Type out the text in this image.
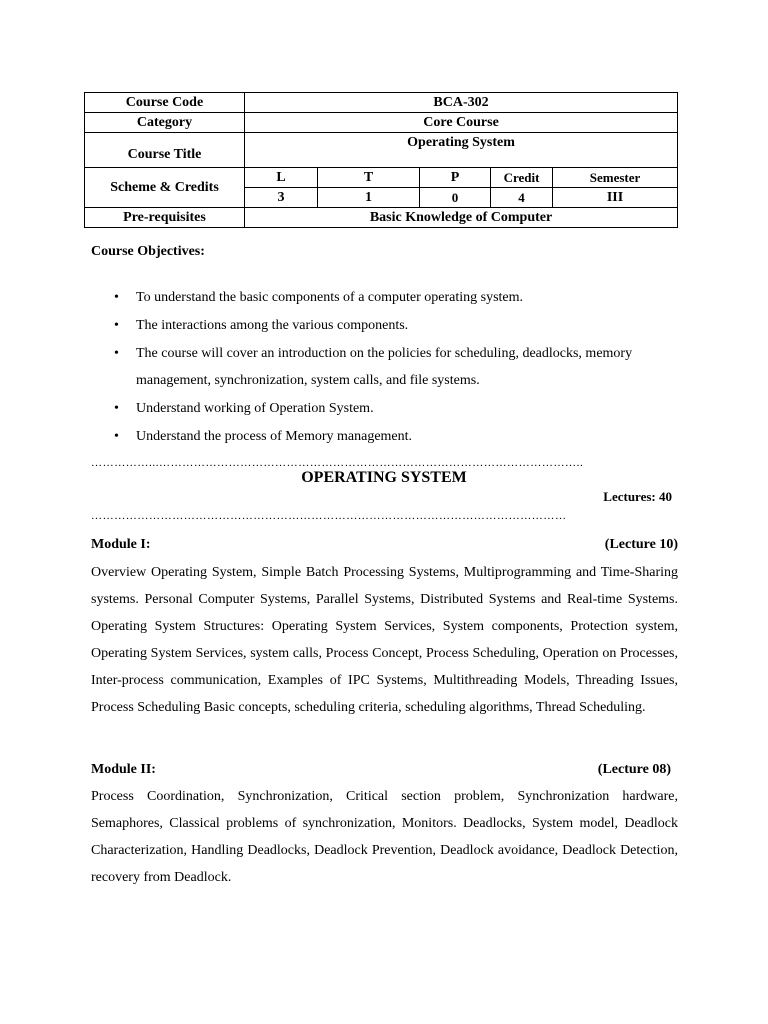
Course Code	BCA-302				
Category	Core Course				
Course Title	Operating System				
Scheme & Credits	L	T	P	Credit	Semester
	3	1	0	4	III
Pre-requisites	Basic Knowledge of Computer				
Course Objectives:
• To understand the basic components of a computer operating system.
• The interactions among the various components.
• The course will cover an introduction on the policies for scheduling, deadlocks, memory management, synchronization, system calls, and file systems.
• Understand working of Operation System.
• Understand the process of Memory management.
……………...………………………………………………………………………………………………..
OPERATING SYSTEM
Lectures: 40
……………………………………………………………………………………………………………
Module I:	(Lecture 10)

Overview Operating System, Simple Batch Processing Systems, Multiprogramming and Time-Sharing systems. Personal Computer Systems, Parallel Systems, Distributed Systems and Real-time Systems. Operating System Structures: Operating System Services, System components, Protection system, Operating System Services, system calls, Process Concept, Process Scheduling, Operation on Processes, Inter-process communication, Examples of IPC Systems, Multithreading Models, Threading Issues, Process Scheduling Basic concepts, scheduling criteria, scheduling algorithms, Thread Scheduling.

Module II:	(Lecture 08)

Process Coordination, Synchronization, Critical section problem, Synchronization hardware, Semaphores, Classical problems of synchronization, Monitors. Deadlocks, System model, Deadlock Characterization, Handling Deadlocks, Deadlock Prevention, Deadlock avoidance, Deadlock Detection, recovery from Deadlock.
